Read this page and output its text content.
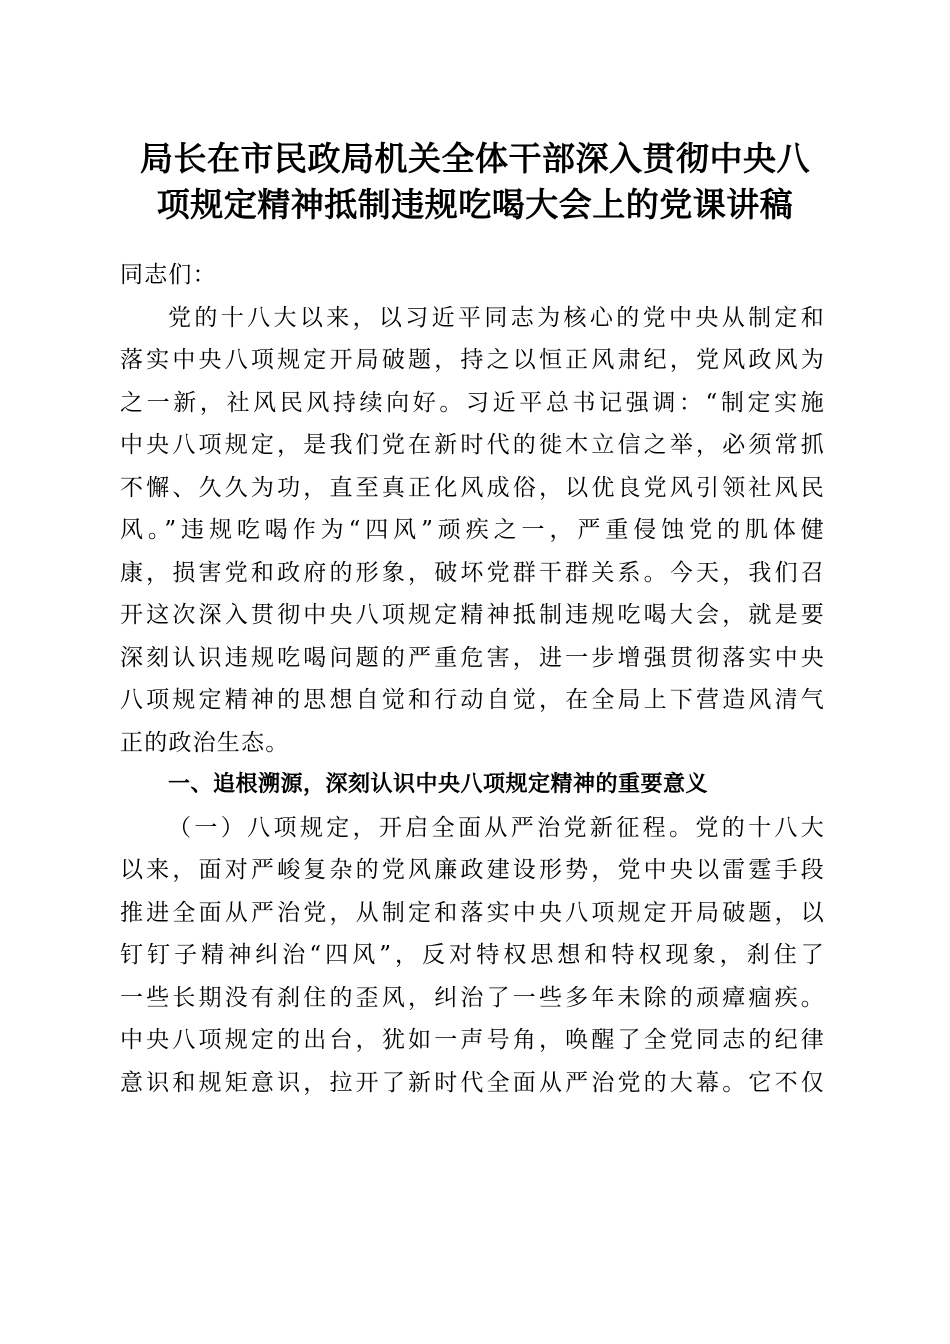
局长在市民政局机关全体干部深入贯彻中央八
项规定精神抵制违规吃喝大会上的党课讲稿
同志们：
党的十八大以来，以习近平同志为核心的党中央从制定和
落实中央八项规定开局破题，持之以恒正风肃纪，党风政风为
之一新，社风民风持续向好。习近平总书记强调：“制定实施
中央八项规定，是我们党在新时代的徙木立信之举，必须常抓
不懈、久久为功，直至真正化风成俗，以优良党风引领社风民
风。”违规吃喝作为“四风”顽疾之一，严重侵蚀党的肌体健
康，损害党和政府的形象，破坏党群干群关系。今天，我们召
开这次深入贯彻中央八项规定精神抵制违规吃喝大会，就是要
深刻认识违规吃喝问题的严重危害，进一步增强贯彻落实中央
八项规定精神的思想自觉和行动自觉，在全局上下营造风清气
正的政治生态。
一、追根溯源，深刻认识中央八项规定精神的重要意义
（一）八项规定，开启全面从严治党新征程。党的十八大
以来，面对严峻复杂的党风廉政建设形势，党中央以雷霆手段
推进全面从严治党，从制定和落实中央八项规定开局破题，以
钉钉子精神纠治“四风”，反对特权思想和特权现象，刹住了
一些长期没有刹住的歪风，纠治了一些多年未除的顽瘴痼疾。
中央八项规定的出台，犹如一声号角，唤醒了全党同志的纪律
意识和规矩意识，拉开了新时代全面从严治党的大幕。它不仅
